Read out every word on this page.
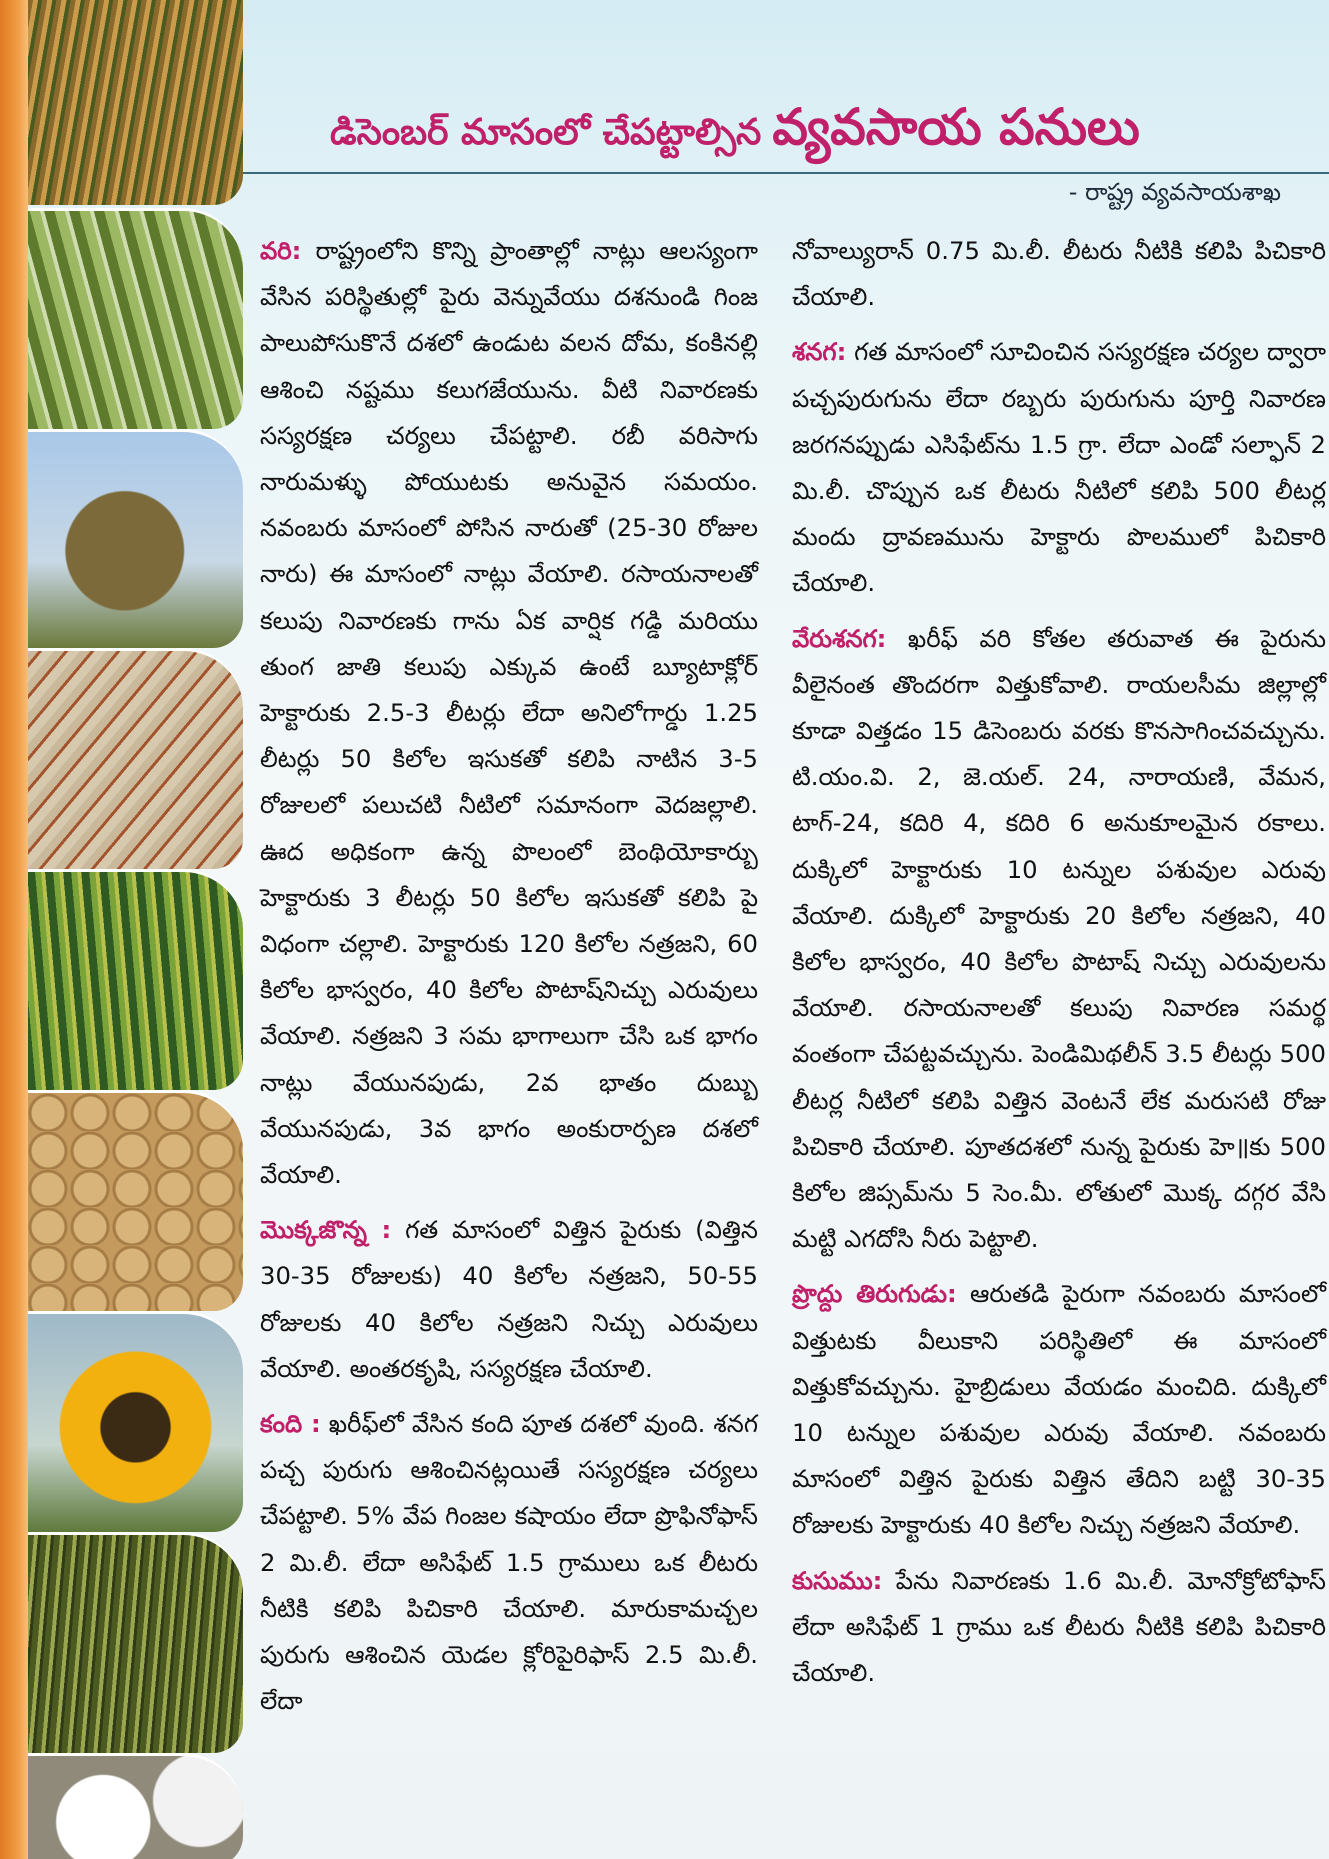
డిసెంబర్ మాసంలో చేపట్టాల్సిన వ్యవసాయ పనులు
- రాష్ట్ర వ్యవసాయశాఖ

వరి: రాష్ట్రంలోని కొన్ని ప్రాంతాల్లో నాట్లు ఆలస్యంగా వేసిన పరిస్థితుల్లో పైరు వెన్నువేయు దశనుండి గింజ పాలుపోసుకొనే దశలో ఉండుట వలన దోమ, కంకినల్లి ఆశించి నష్టము కలుగజేయును. వీటి నివారణకు సస్యరక్షణ చర్యలు చేపట్టాలి. రబీ వరిసాగు నారుమళ్ళు పోయుటకు అనువైన సమయం. నవంబరు మాసంలో పోసిన నారుతో (25-30 రోజుల నారు) ఈ మాసంలో నాట్లు వేయాలి. రసాయనాలతో కలుపు నివారణకు గాను ఏక వార్షిక గడ్డి మరియు తుంగ జాతి కలుపు ఎక్కువ ఉంటే బ్యూటాక్లోర్ హెక్టారుకు 2.5-3 లీటర్లు లేదా అనిలోగార్డు 1.25 లీటర్లు 50 కిలోల ఇసుకతో కలిపి నాటిన 3-5 రోజులలో పలుచటి నీటిలో సమానంగా వెదజల్లాలి. ఊద అధికంగా ఉన్న పొలంలో బెంథియోకార్బు హెక్టారుకు 3 లీటర్లు 50 కిలోల ఇసుకతో కలిపి పై విధంగా చల్లాలి. హెక్టారుకు 120 కిలోల నత్రజని, 60 కిలోల భాస్వరం, 40 కిలోల పొటాష్‌నిచ్చు ఎరువులు వేయాలి. నత్రజని 3 సమ భాగాలుగా చేసి ఒక భాగం నాట్లు వేయునపుడు, 2వ భాతం దుబ్బు వేయునపుడు, 3వ భాగం అంకురార్పణ దశలో వేయాలి.

మొక్కజొన్న : గత మాసంలో విత్తిన పైరుకు (విత్తిన 30-35 రోజులకు) 40 కిలోల నత్రజని, 50-55 రోజులకు 40 కిలోల నత్రజని నిచ్చు ఎరువులు వేయాలి. అంతరకృషి, సస్యరక్షణ చేయాలి.

కంది : ఖరీఫ్‌లో వేసిన కంది పూత దశలో వుంది. శనగ పచ్చ పురుగు ఆశించినట్లయితే సస్యరక్షణ చర్యలు చేపట్టాలి. 5% వేప గింజల కషాయం లేదా ప్రొఫినోఫాస్ 2 మి.లీ. లేదా అసిఫేట్ 1.5 గ్రాములు ఒక లీటరు నీటికి కలిపి పిచికారి చేయాలి. మారుకామచ్చల పురుగు ఆశించిన యెడల క్లోరిపైరిఫాస్ 2.5 మి.లీ. లేదా

నోవాల్యురాన్ 0.75 మి.లీ. లీటరు నీటికి కలిపి పిచికారి చేయాలి.

శనగ: గత మాసంలో సూచించిన సస్యరక్షణ చర్యల ద్వారా పచ్చపురుగును లేదా రబ్బరు పురుగును పూర్తి నివారణ జరగనప్పుడు ఎసిఫేట్‌ను 1.5 గ్రా. లేదా ఎండో సల్ఫాన్ 2 మి.లీ. చొప్పున ఒక లీటరు నీటిలో కలిపి 500 లీటర్ల మందు ద్రావణమును హెక్టారు పొలములో పిచికారి చేయాలి.

వేరుశనగ: ఖరీఫ్ వరి కోతల తరువాత ఈ పైరును వీలైనంత తొందరగా విత్తుకోవాలి. రాయలసీమ జిల్లాల్లో కూడా విత్తడం 15 డిసెంబరు వరకు కొనసాగించవచ్చును. టి.యం.వి. 2, జె.యల్. 24, నారాయణి, వేమన, టాగ్-24, కదిరి 4, కదిరి 6 అనుకూలమైన రకాలు. దుక్కిలో హెక్టారుకు 10 టన్నుల పశువుల ఎరువు వేయాలి. దుక్కిలో హెక్టారుకు 20 కిలోల నత్రజని, 40 కిలోల భాస్వరం, 40 కిలోల పొటాష్ నిచ్చు ఎరువులను వేయాలి. రసాయనాలతో కలుపు నివారణ సమర్థ వంతంగా చేపట్టవచ్చును. పెండిమిథలీన్ 3.5 లీటర్లు 500 లీటర్ల నీటిలో కలిపి విత్తిన వెంటనే లేక మరుసటి రోజు పిచికారి చేయాలి. పూతదశలో నున్న పైరుకు హె॥కు 500 కిలోల జిప్సమ్‌ను 5 సెం.మీ. లోతులో మొక్క దగ్గర వేసి మట్టి ఎగదోసి నీరు పెట్టాలి.

ప్రొద్దు తిరుగుడు: ఆరుతడి పైరుగా నవంబరు మాసంలో విత్తుటకు వీలుకాని పరిస్థితిలో ఈ మాసంలో విత్తుకోవచ్చును. హైబ్రిడులు వేయడం మంచిది. దుక్కిలో 10 టన్నుల పశువుల ఎరువు వేయాలి. నవంబరు మాసంలో విత్తిన పైరుకు విత్తిన తేదిని బట్టి 30-35 రోజులకు హెక్టారుకు 40 కిలోల నిచ్చు నత్రజని వేయాలి.

కుసుము: పేను నివారణకు 1.6 మి.లీ. మోనోక్రోటోఫాస్ లేదా అసిఫేట్ 1 గ్రాము ఒక లీటరు నీటికి కలిపి పిచికారి చేయాలి.
